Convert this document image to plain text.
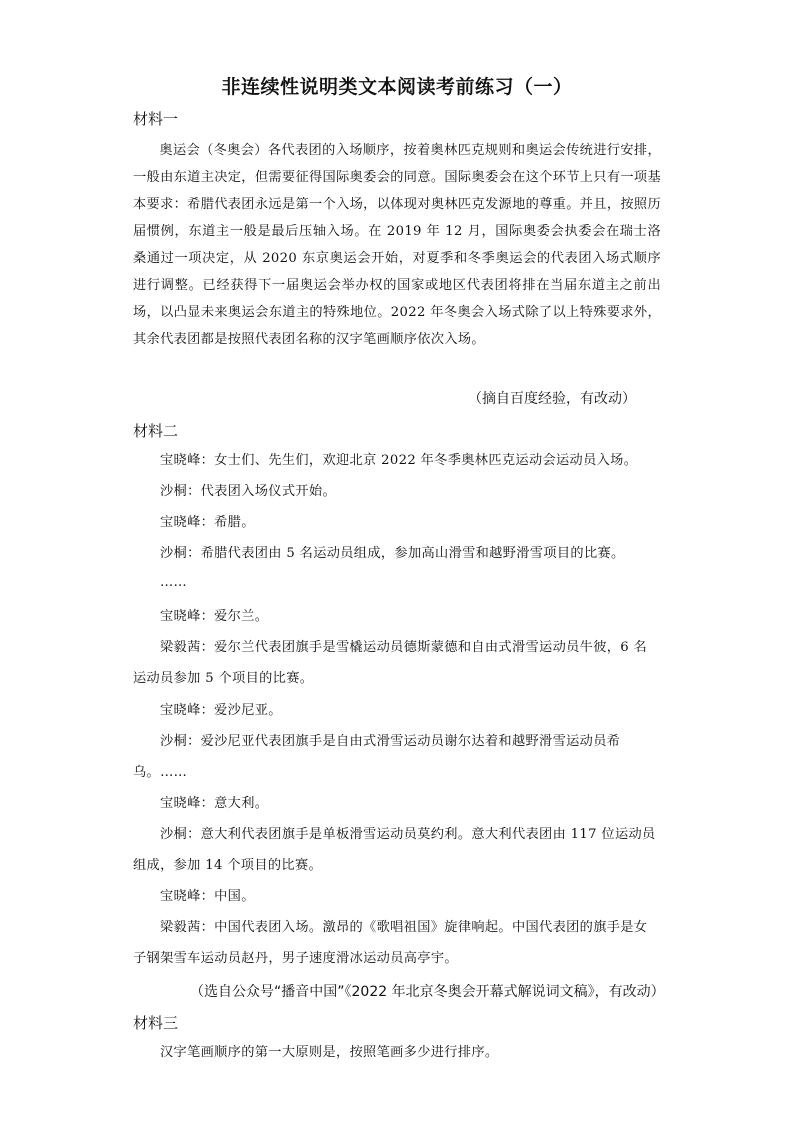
非连续性说明类文本阅读考前练习（一）
材料一

奥运会（冬奥会）各代表团的入场顺序，按着奥林匹克规则和奥运会传统进行安排，一般由东道主决定，但需要征得国际奥委会的同意。国际奥委会在这个环节上只有一项基本要求：希腊代表团永远是第一个入场，以体现对奥林匹克发源地的尊重。并且，按照历届惯例，东道主一般是最后压轴入场。在 2019 年 12 月，国际奥委会执委会在瑞士洛桑通过一项决定，从 2020 东京奥运会开始，对夏季和冬季奥运会的代表团入场式顺序进行调整。已经获得下一届奥运会举办权的国家或地区代表团将排在当届东道主之前出场，以凸显未来奥运会东道主的特殊地位。2022 年冬奥会入场式除了以上特殊要求外，其余代表团都是按照代表团名称的汉字笔画顺序依次入场。

（摘自百度经验，有改动）
材料二
宝晓峰：女士们、先生们，欢迎北京 2022 年冬季奥林匹克运动会运动员入场。
沙桐：代表团入场仪式开始。
宝晓峰：希腊。
沙桐：希腊代表团由 5 名运动员组成，参加高山滑雪和越野滑雪项目的比赛。
……
宝晓峰：爱尔兰。
梁毅茜：爱尔兰代表团旗手是雪橇运动员德斯蒙德和自由式滑雪运动员牛彼，6 名
运动员参加 5 个项目的比赛。
宝晓峰：爱沙尼亚。
沙桐：爱沙尼亚代表团旗手是自由式滑雪运动员谢尔达着和越野滑雪运动员希
乌。……
宝晓峰：意大利。
沙桐：意大利代表团旗手是单板滑雪运动员莫约利。意大利代表团由 117 位运动员
组成，参加 14 个项目的比赛。
宝晓峰：中国。
梁毅茜：中国代表团入场。激昂的《歌唱祖国》旋律响起。中国代表团的旗手是女
子钢架雪车运动员赵丹，男子速度滑冰运动员高亭宇。
（选自公众号“播音中国”《2022 年北京冬奥会开幕式解说词文稿》，有改动）
材料三
汉字笔画顺序的第一大原则是，按照笔画多少进行排序。
